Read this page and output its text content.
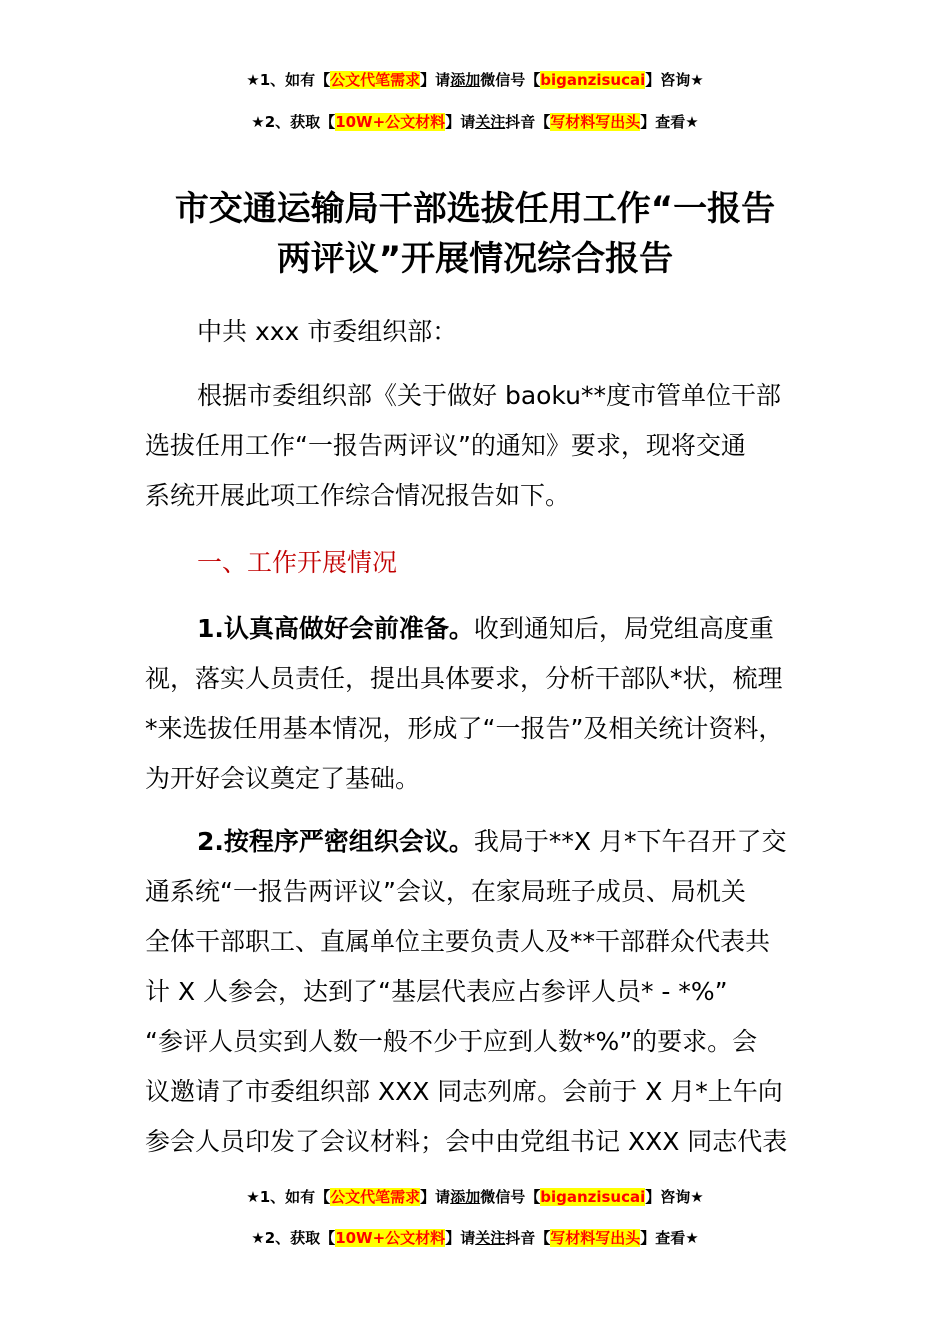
★1、如有【公文代笔需求】请添加微信号【biganzisucai】咨询★
★2、获取【10W+公文材料】请关注抖音【写材料写出头】查看★
市交通运输局干部选拔任用工作“一报告
两评议”开展情况综合报告
中共 xxx 市委组织部：
根据市委组织部《关于做好 baoku**度市管单位干部
选拔任用工作“一报告两评议”的通知》要求，现将交通
系统开展此项工作综合情况报告如下。
一、工作开展情况
1.认真高做好会前准备。收到通知后，局党组高度重
视，落实人员责任，提出具体要求，分析干部队*状，梳理
*来选拔任用基本情况，形成了“一报告”及相关统计资料，
为开好会议奠定了基础。
2.按程序严密组织会议。我局于**X 月*下午召开了交
通系统“一报告两评议”会议，在家局班子成员、局机关
全体干部职工、直属单位主要负责人及**干部群众代表共
计 X 人参会，达到了“基层代表应占参评人员* - *%”
“参评人员实到人数一般不少于应到人数*%”的要求。会
议邀请了市委组织部 XXX 同志列席。会前于 X 月*上午向
参会人员印发了会议材料；会中由党组书记 XXX 同志代表
★1、如有【公文代笔需求】请添加微信号【biganzisucai】咨询★
★2、获取【10W+公文材料】请关注抖音【写材料写出头】查看★
